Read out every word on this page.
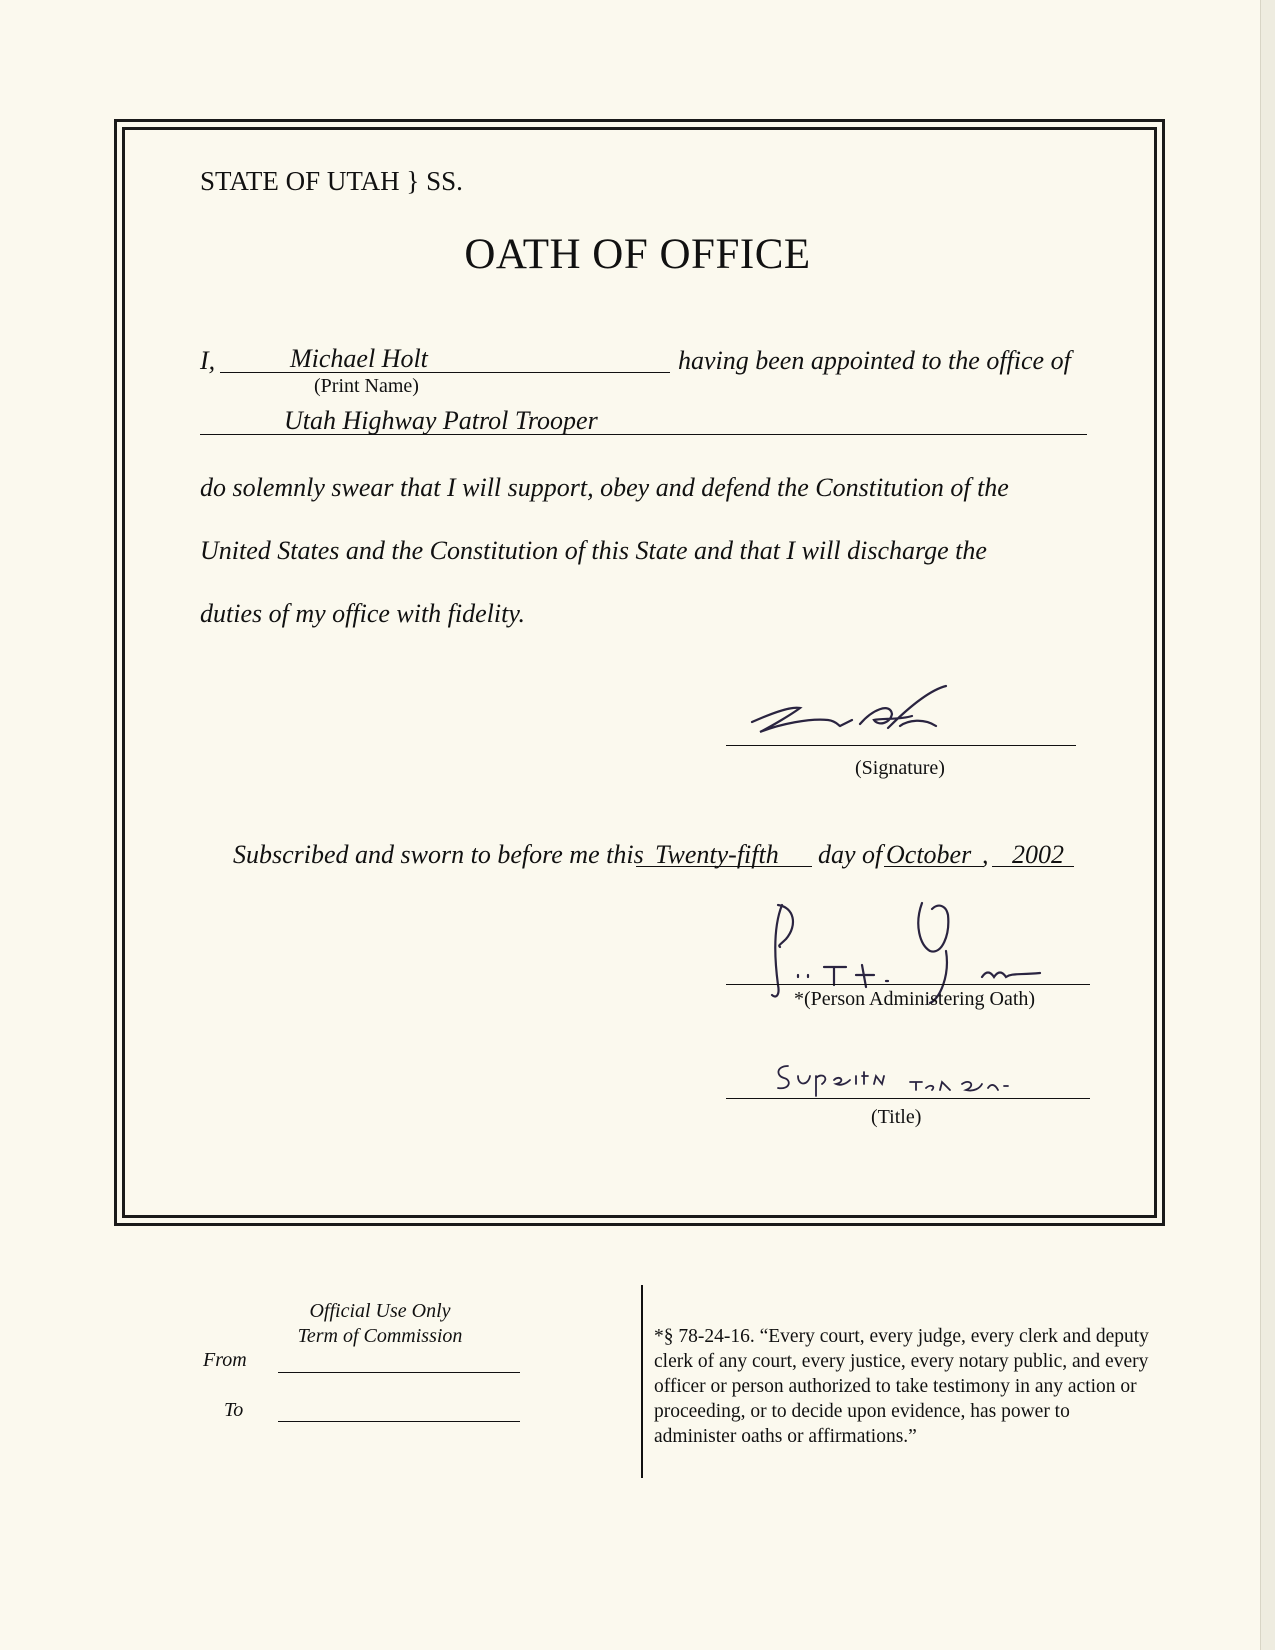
STATE OF UTAH } SS.
OATH OF OFFICE
I,	Michael Holt	having been appointed to the office of
(Print Name)
Utah Highway Patrol Trooper
do solemnly swear that I will support, obey and defend the Constitution of the
United States and the Constitution of this State and that I will discharge the
duties of my office with fidelity.
(Signature)
Subscribed and sworn to before me this Twenty-fifth day of October , 2002
*(Person Administering Oath)
(Title)
Official Use Only
Term of Commission
From
To
*§ 78-24-16. “Every court, every judge, every clerk and deputy clerk of any court, every justice, every notary public, and every officer or person authorized to take testimony in any action or proceeding, or to decide upon evidence, has power to administer oaths or affirmations.”
